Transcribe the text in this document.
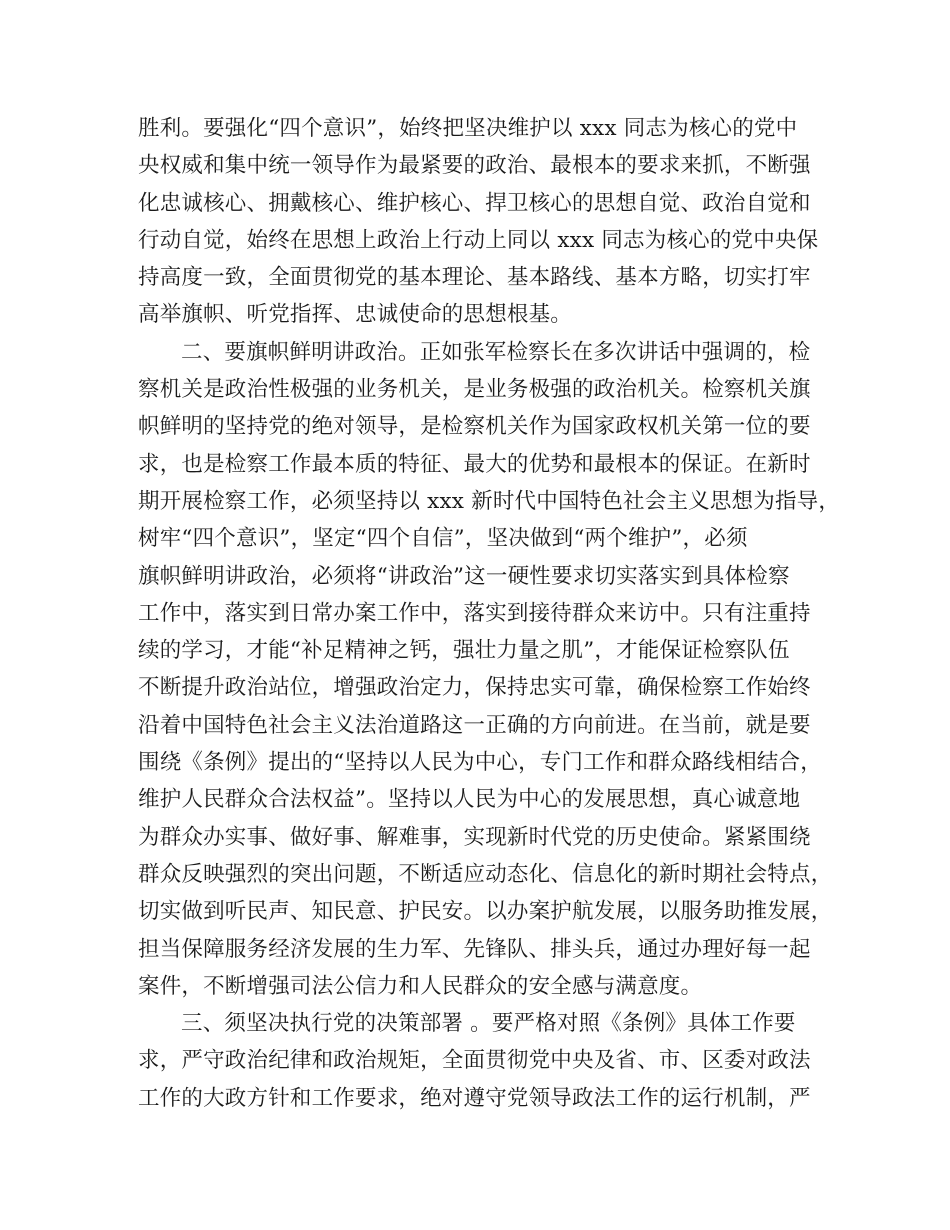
胜利。要强化“四个意识”，始终把坚决维护以 xxx 同志为核心的党中
央权威和集中统一领导作为最紧要的政治、最根本的要求来抓，不断强
化忠诚核心、拥戴核心、维护核心、捍卫核心的思想自觉、政治自觉和
行动自觉，始终在思想上政治上行动上同以 xxx 同志为核心的党中央保
持高度一致，全面贯彻党的基本理论、基本路线、基本方略，切实打牢
高举旗帜、听党指挥、忠诚使命的思想根基。
二、要旗帜鲜明讲政治。正如张军检察长在多次讲话中强调的，检
察机关是政治性极强的业务机关，是业务极强的政治机关。检察机关旗
帜鲜明的坚持党的绝对领导，是检察机关作为国家政权机关第一位的要
求，也是检察工作最本质的特征、最大的优势和最根本的保证。在新时
期开展检察工作，必须坚持以 xxx 新时代中国特色社会主义思想为指导，
树牢“四个意识”，坚定“四个自信”，坚决做到“两个维护”，必须
旗帜鲜明讲政治，必须将“讲政治”这一硬性要求切实落实到具体检察
工作中，落实到日常办案工作中，落实到接待群众来访中。只有注重持
续的学习，才能“补足精神之钙，强壮力量之肌”，才能保证检察队伍
不断提升政治站位，增强政治定力，保持忠实可靠，确保检察工作始终
沿着中国特色社会主义法治道路这一正确的方向前进。在当前，就是要
围绕《条例》提出的“坚持以人民为中心，专门工作和群众路线相结合，
维护人民群众合法权益”。坚持以人民为中心的发展思想，真心诚意地
为群众办实事、做好事、解难事，实现新时代党的历史使命。紧紧围绕
群众反映强烈的突出问题，不断适应动态化、信息化的新时期社会特点，
切实做到听民声、知民意、护民安。以办案护航发展，以服务助推发展，
担当保障服务经济发展的生力军、先锋队、排头兵，通过办理好每一起
案件，不断增强司法公信力和人民群众的安全感与满意度。
三、须坚决执行党的决策部署 。要严格对照《条例》具体工作要
求，严守政治纪律和政治规矩，全面贯彻党中央及省、市、区委对政法
工作的大政方针和工作要求，绝对遵守党领导政法工作的运行机制，严
